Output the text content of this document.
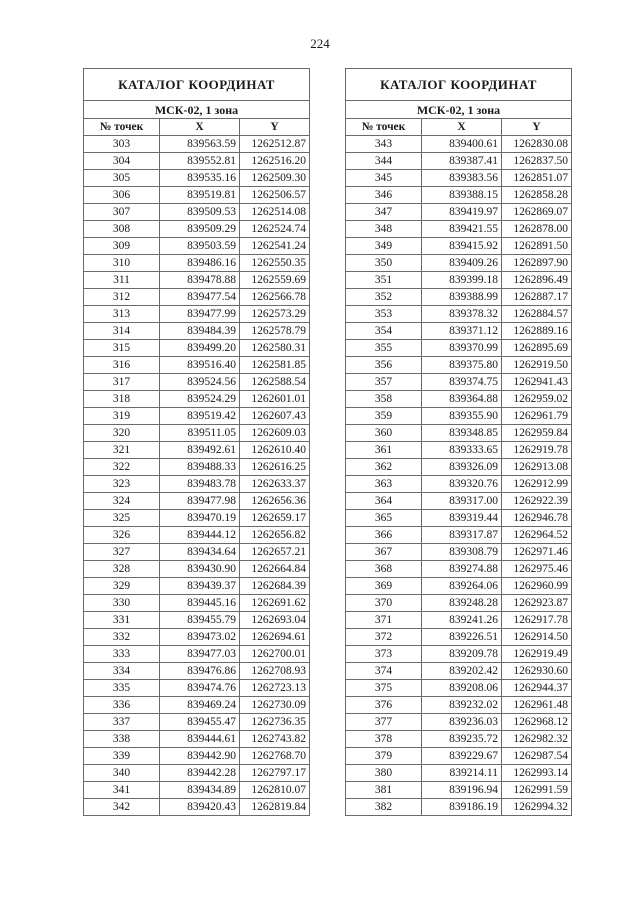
224
КАТАЛОГ КООРДИНАТ		
МСК-02, 1 зона		
№ точек	X	Y
303	839563.59	1262512.87
304	839552.81	1262516.20
305	839535.16	1262509.30
306	839519.81	1262506.57
307	839509.53	1262514.08
308	839509.29	1262524.74
309	839503.59	1262541.24
310	839486.16	1262550.35
311	839478.88	1262559.69
312	839477.54	1262566.78
313	839477.99	1262573.29
314	839484.39	1262578.79
315	839499.20	1262580.31
316	839516.40	1262581.85
317	839524.56	1262588.54
318	839524.29	1262601.01
319	839519.42	1262607.43
320	839511.05	1262609.03
321	839492.61	1262610.40
322	839488.33	1262616.25
323	839483.78	1262633.37
324	839477.98	1262656.36
325	839470.19	1262659.17
326	839444.12	1262656.82
327	839434.64	1262657.21
328	839430.90	1262664.84
329	839439.37	1262684.39
330	839445.16	1262691.62
331	839455.79	1262693.04
332	839473.02	1262694.61
333	839477.03	1262700.01
334	839476.86	1262708.93
335	839474.76	1262723.13
336	839469.24	1262730.09
337	839455.47	1262736.35
338	839444.61	1262743.82
339	839442.90	1262768.70
340	839442.28	1262797.17
341	839434.89	1262810.07
342	839420.43	1262819.84
КАТАЛОГ КООРДИНАТ		
МСК-02, 1 зона		
№ точек	X	Y
343	839400.61	1262830.08
344	839387.41	1262837.50
345	839383.56	1262851.07
346	839388.15	1262858.28
347	839419.97	1262869.07
348	839421.55	1262878.00
349	839415.92	1262891.50
350	839409.26	1262897.90
351	839399.18	1262896.49
352	839388.99	1262887.17
353	839378.32	1262884.57
354	839371.12	1262889.16
355	839370.99	1262895.69
356	839375.80	1262919.50
357	839374.75	1262941.43
358	839364.88	1262959.02
359	839355.90	1262961.79
360	839348.85	1262959.84
361	839333.65	1262919.78
362	839326.09	1262913.08
363	839320.76	1262912.99
364	839317.00	1262922.39
365	839319.44	1262946.78
366	839317.87	1262964.52
367	839308.79	1262971.46
368	839274.88	1262975.46
369	839264.06	1262960.99
370	839248.28	1262923.87
371	839241.26	1262917.78
372	839226.51	1262914.50
373	839209.78	1262919.49
374	839202.42	1262930.60
375	839208.06	1262944.37
376	839232.02	1262961.48
377	839236.03	1262968.12
378	839235.72	1262982.32
379	839229.67	1262987.54
380	839214.11	1262993.14
381	839196.94	1262991.59
382	839186.19	1262994.32
